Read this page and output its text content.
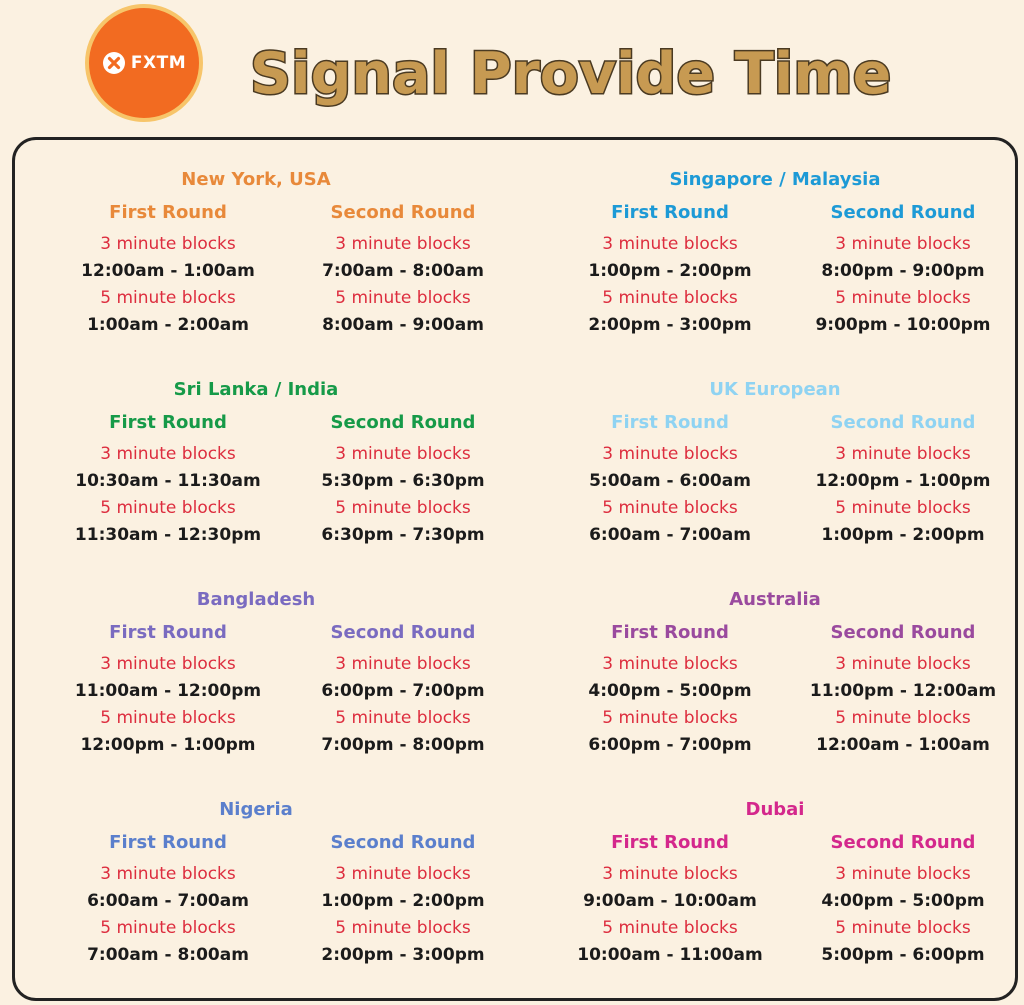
FXTM Signal Provide Time
New York, USA
First Round
3 minute blocks
12:00am - 1:00am
5 minute blocks
1:00am - 2:00am
Second Round
3 minute blocks
7:00am - 8:00am
5 minute blocks
8:00am - 9:00am
Singapore / Malaysia
First Round
3 minute blocks
1:00pm - 2:00pm
5 minute blocks
2:00pm - 3:00pm
Second Round
3 minute blocks
8:00pm - 9:00pm
5 minute blocks
9:00pm - 10:00pm
Sri Lanka / India
First Round
3 minute blocks
10:30am - 11:30am
5 minute blocks
11:30am - 12:30pm
Second Round
3 minute blocks
5:30pm - 6:30pm
5 minute blocks
6:30pm - 7:30pm
UK European
First Round
3 minute blocks
5:00am - 6:00am
5 minute blocks
6:00am - 7:00am
Second Round
3 minute blocks
12:00pm - 1:00pm
5 minute blocks
1:00pm - 2:00pm
Bangladesh
First Round
3 minute blocks
11:00am - 12:00pm
5 minute blocks
12:00pm - 1:00pm
Second Round
3 minute blocks
6:00pm - 7:00pm
5 minute blocks
7:00pm - 8:00pm
Australia
First Round
3 minute blocks
4:00pm - 5:00pm
5 minute blocks
6:00pm - 7:00pm
Second Round
3 minute blocks
11:00pm - 12:00am
5 minute blocks
12:00am - 1:00am
Nigeria
First Round
3 minute blocks
6:00am - 7:00am
5 minute blocks
7:00am - 8:00am
Second Round
3 minute blocks
1:00pm - 2:00pm
5 minute blocks
2:00pm - 3:00pm
Dubai
First Round
3 minute blocks
9:00am - 10:00am
5 minute blocks
10:00am - 11:00am
Second Round
3 minute blocks
4:00pm - 5:00pm
5 minute blocks
5:00pm - 6:00pm
